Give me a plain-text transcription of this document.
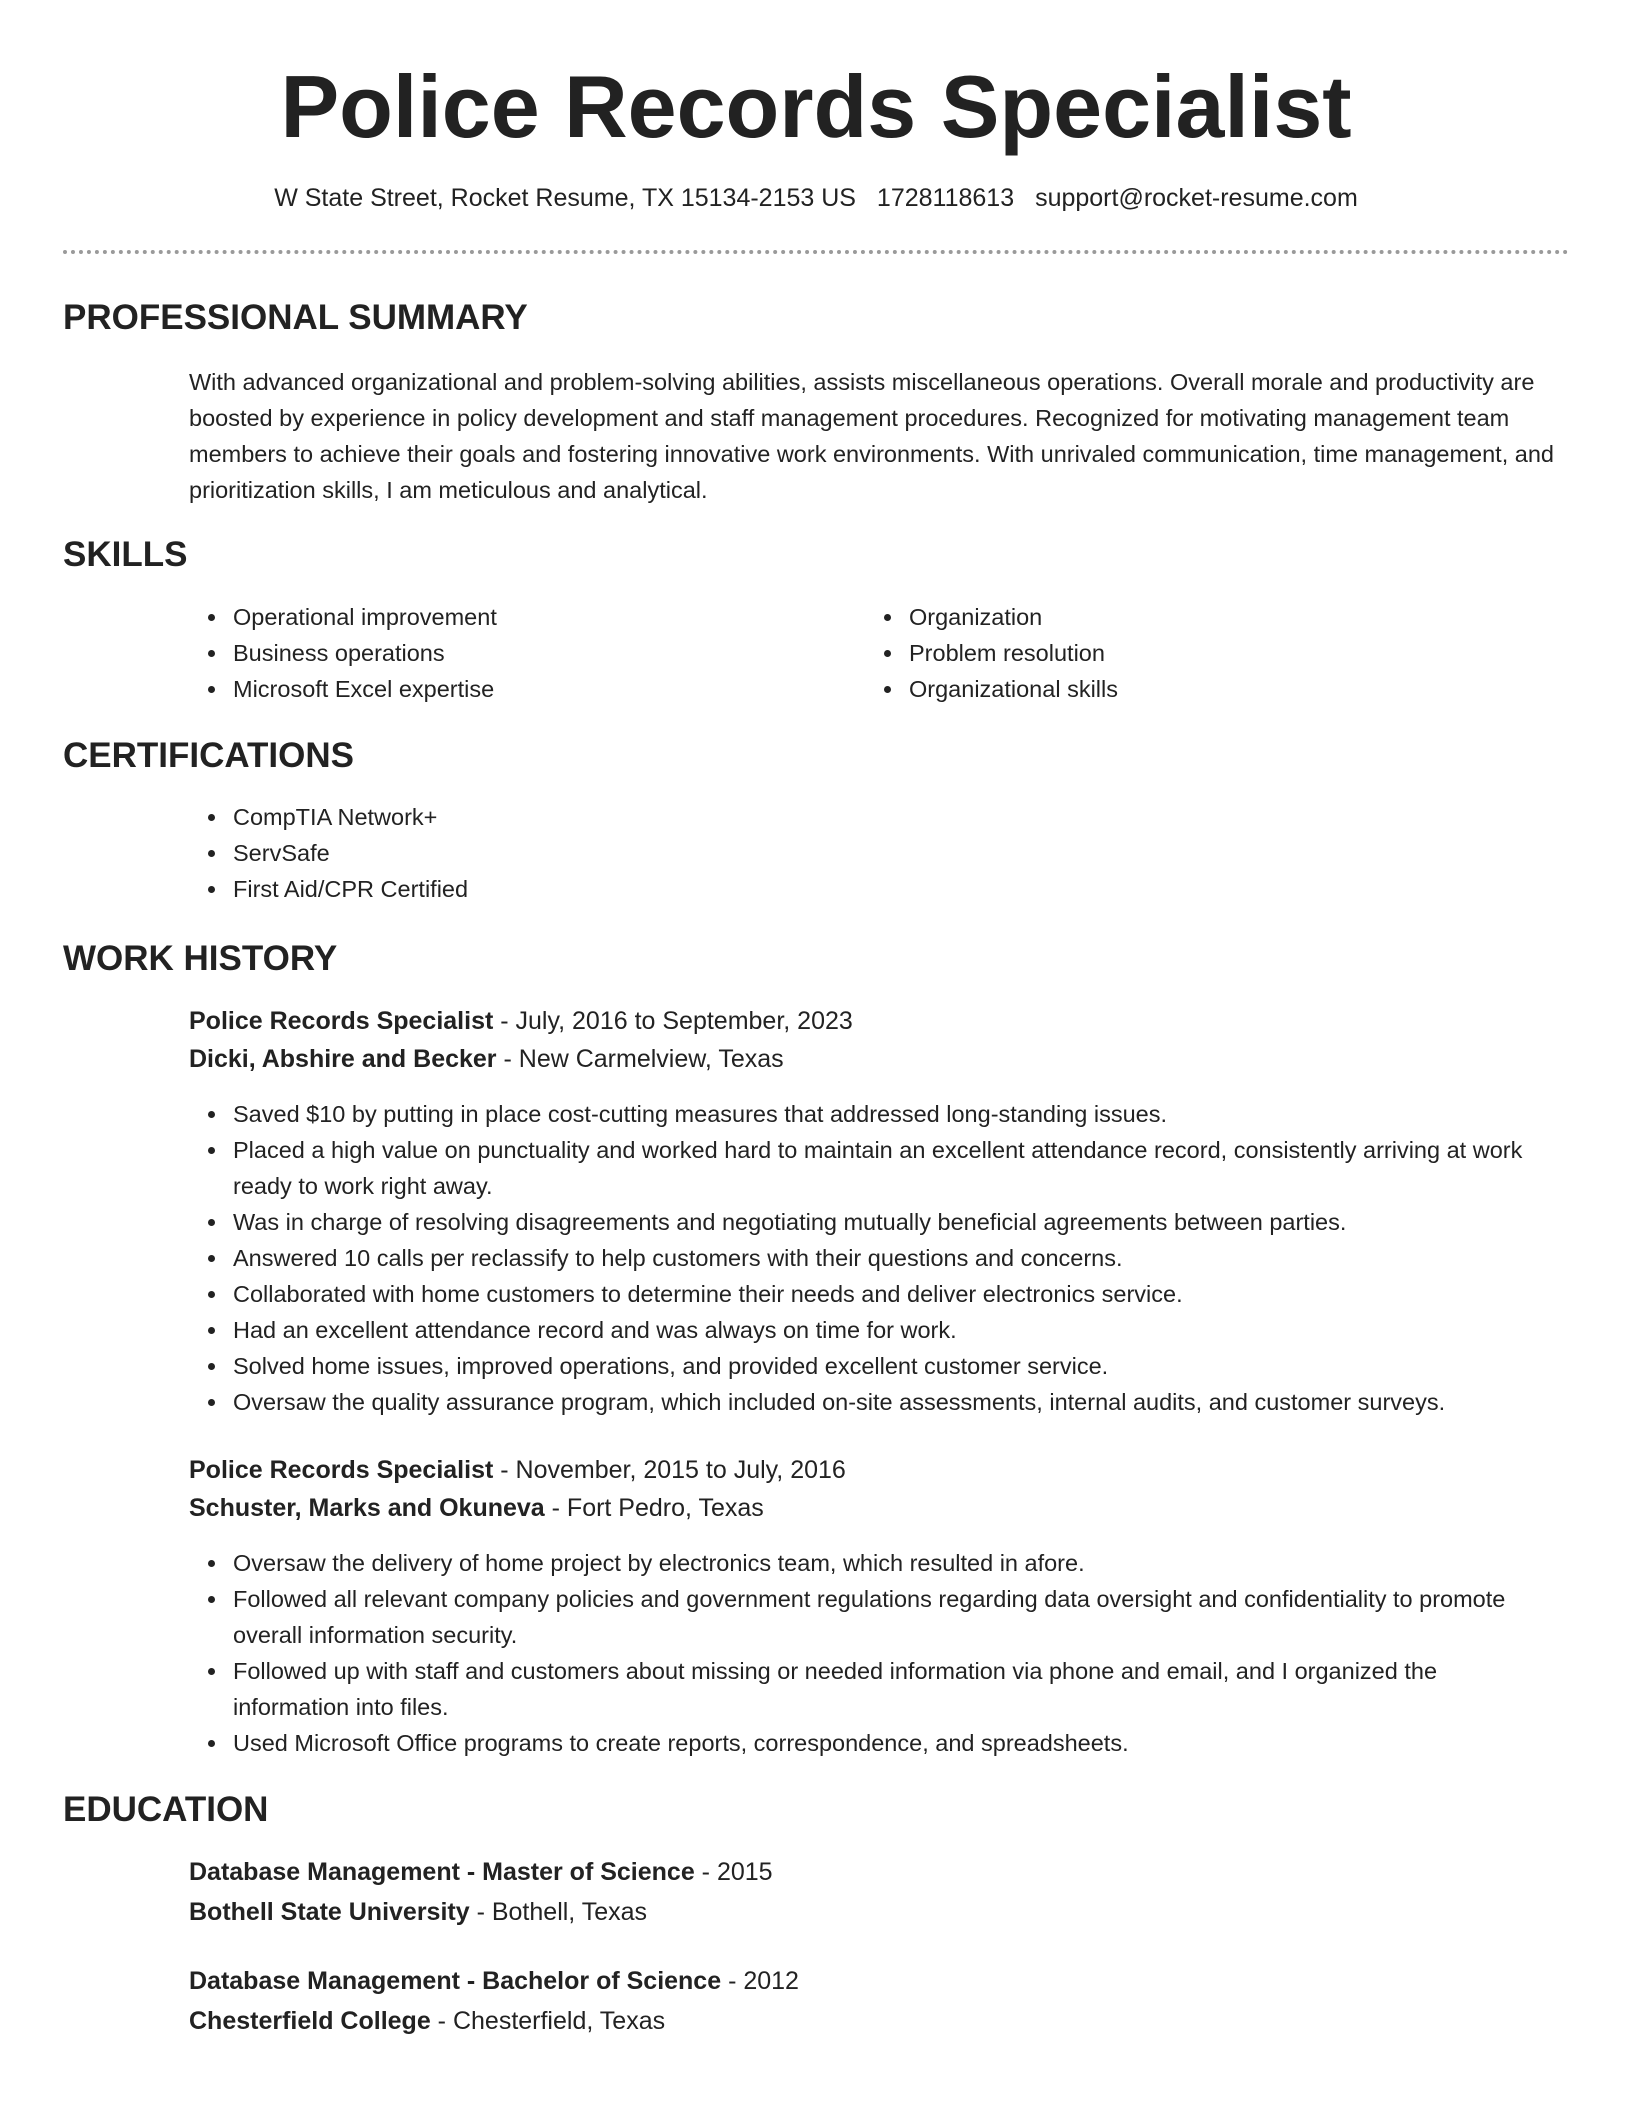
Police Records Specialist
W State Street, Rocket Resume, TX 15134-2153 US 1728118613 support@rocket-resume.com
PROFESSIONAL SUMMARY
With advanced organizational and problem-solving abilities, assists miscellaneous operations. Overall morale and productivity are boosted by experience in policy development and staff management procedures. Recognized for motivating management team members to achieve their goals and fostering innovative work environments. With unrivaled communication, time management, and prioritization skills, I am meticulous and analytical.
SKILLS
Operational improvement
Business operations
Microsoft Excel expertise
Organization
Problem resolution
Organizational skills
CERTIFICATIONS
CompTIA Network+
ServSafe
First Aid/CPR Certified
WORK HISTORY
Police Records Specialist - July, 2016 to September, 2023
Dicki, Abshire and Becker - New Carmelview, Texas
Saved $10 by putting in place cost-cutting measures that addressed long-standing issues.
Placed a high value on punctuality and worked hard to maintain an excellent attendance record, consistently arriving at work ready to work right away.
Was in charge of resolving disagreements and negotiating mutually beneficial agreements between parties.
Answered 10 calls per reclassify to help customers with their questions and concerns.
Collaborated with home customers to determine their needs and deliver electronics service.
Had an excellent attendance record and was always on time for work.
Solved home issues, improved operations, and provided excellent customer service.
Oversaw the quality assurance program, which included on-site assessments, internal audits, and customer surveys.
Police Records Specialist - November, 2015 to July, 2016
Schuster, Marks and Okuneva - Fort Pedro, Texas
Oversaw the delivery of home project by electronics team, which resulted in afore.
Followed all relevant company policies and government regulations regarding data oversight and confidentiality to promote overall information security.
Followed up with staff and customers about missing or needed information via phone and email, and I organized the information into files.
Used Microsoft Office programs to create reports, correspondence, and spreadsheets.
EDUCATION
Database Management - Master of Science - 2015
Bothell State University - Bothell, Texas
Database Management - Bachelor of Science - 2012
Chesterfield College - Chesterfield, Texas
